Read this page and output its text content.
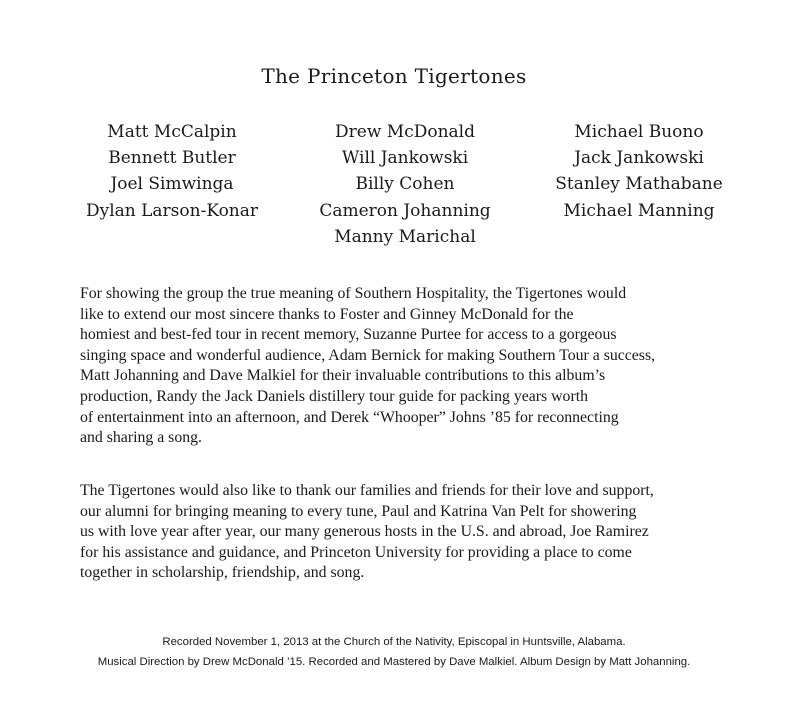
The Princeton Tigertones
Matt McCalpin
Bennett Butler
Joel Simwinga
Dylan Larson-Konar
Drew McDonald
Will Jankowski
Billy Cohen
Cameron Johanning
Manny Marichal
Michael Buono
Jack Jankowski
Stanley Mathabane
Michael Manning

For showing the group the true meaning of Southern Hospitality, the Tigertones would
like to extend our most sincere thanks to Foster and Ginney McDonald for the
homiest and best-fed tour in recent memory, Suzanne Purtee for access to a gorgeous
singing space and wonderful audience, Adam Bernick for making Southern Tour a success,
Matt Johanning and Dave Malkiel for their invaluable contributions to this album’s
production, Randy the Jack Daniels distillery tour guide for packing years worth
of entertainment into an afternoon, and Derek “Whooper” Johns ’85 for reconnecting
and sharing a song.

The Tigertones would also like to thank our families and friends for their love and support,
our alumni for bringing meaning to every tune, Paul and Katrina Van Pelt for showering
us with love year after year, our many generous hosts in the U.S. and abroad, Joe Ramirez
for his assistance and guidance, and Princeton University for providing a place to come
together in scholarship, friendship, and song.

Recorded November 1, 2013 at the Church of the Nativity, Episcopal in Huntsville, Alabama.
Musical Direction by Drew McDonald ’15. Recorded and Mastered by Dave Malkiel. Album Design by Matt Johanning.
